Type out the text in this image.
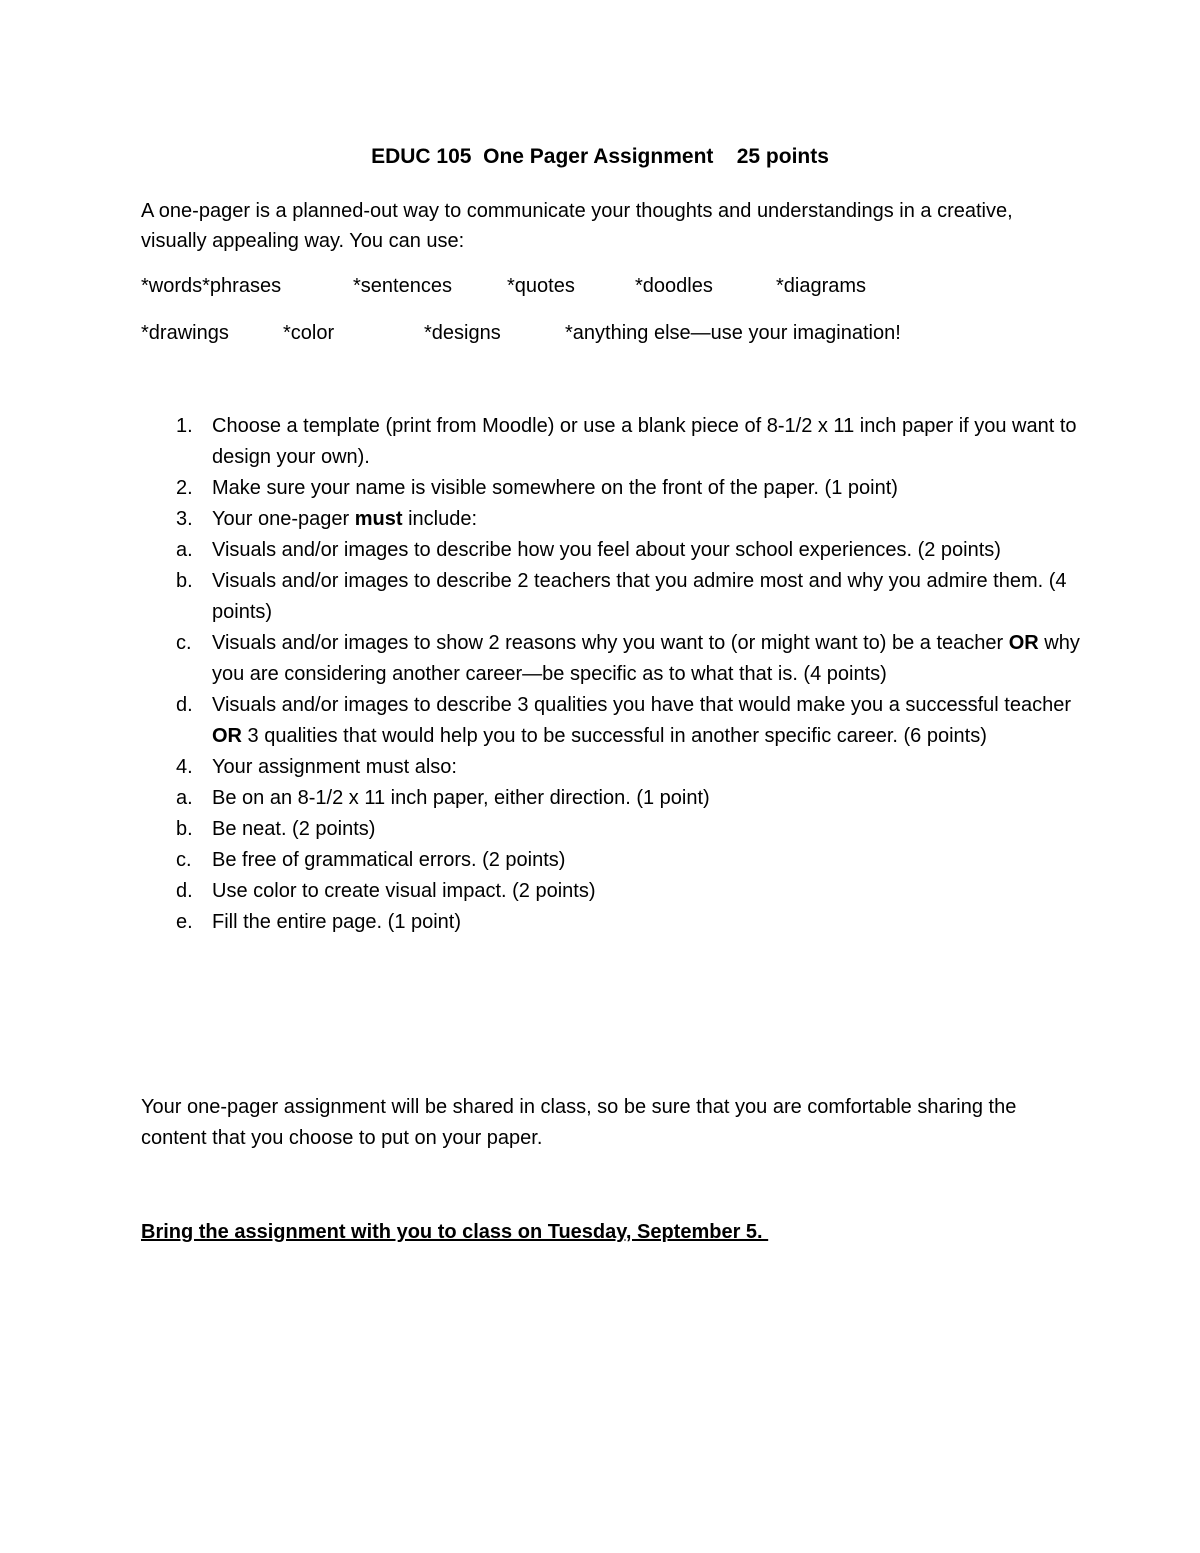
EDUC 105  One Pager Assignment    25 points

A one-pager is a planned-out way to communicate your thoughts and understandings in a creative, visually appealing way. You can use:

*words*phrases	*sentences	*quotes	*doodles	*diagrams
*drawings	*color	*designs	*anything else—use your imagination!
1. Choose a template (print from Moodle) or use a blank piece of 8-1/2 x 11 inch paper if you want to design your own).
2. Make sure your name is visible somewhere on the front of the paper. (1 point)
3. Your one-pager must include:
a. Visuals and/or images to describe how you feel about your school experiences. (2 points)
b. Visuals and/or images to describe 2 teachers that you admire most and why you admire them. (4 points)
c. Visuals and/or images to show 2 reasons why you want to (or might want to) be a teacher OR why you are considering another career—be specific as to what that is. (4 points)
d. Visuals and/or images to describe 3 qualities you have that would make you a successful teacher OR 3 qualities that would help you to be successful in another specific career. (6 points)
4. Your assignment must also:
a. Be on an 8-1/2 x 11 inch paper, either direction. (1 point)
b. Be neat. (2 points)
c. Be free of grammatical errors. (2 points)
d. Use color to create visual impact. (2 points)
e. Fill the entire page. (1 point)

Your one-pager assignment will be shared in class, so be sure that you are comfortable sharing the content that you choose to put on your paper.

Bring the assignment with you to class on Tuesday, September 5.
